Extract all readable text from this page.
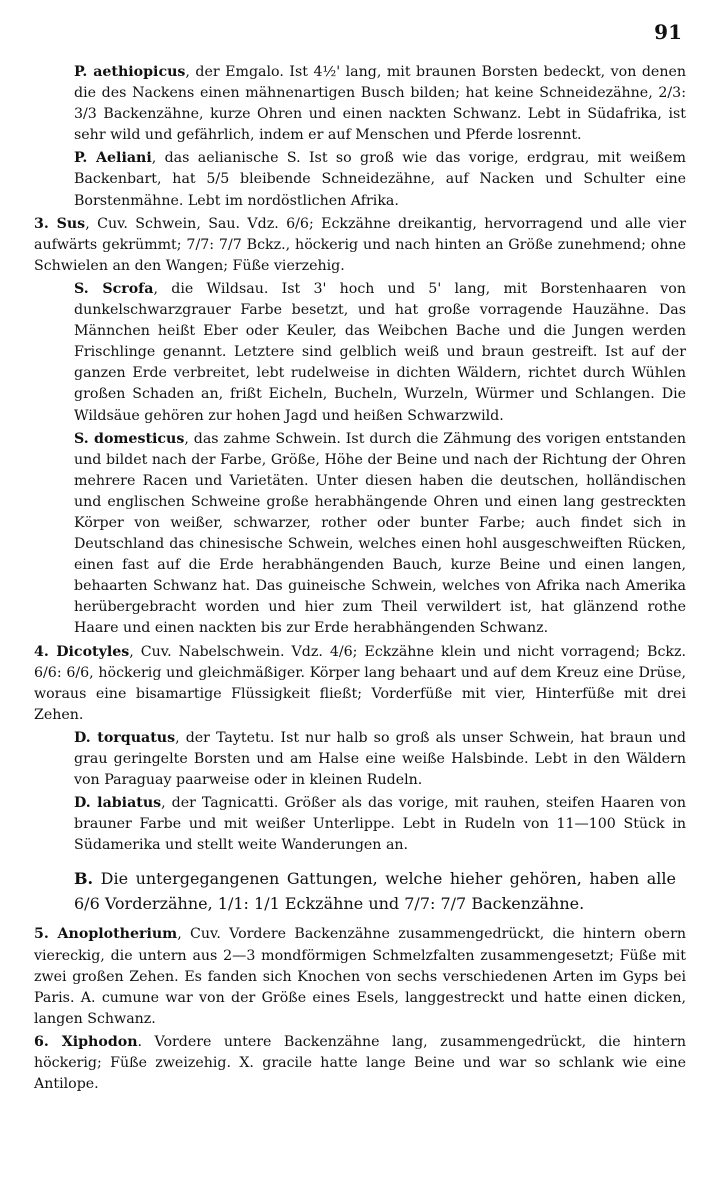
91

P. aethiopicus, der Emgalo. Ist 4½' lang, mit braunen Borsten bedeckt, von denen die des Nackens einen mähnenartigen Busch bilden; hat keine Schneidezähne, 2/3: 3/3 Backenzähne, kurze Ohren und einen nackten Schwanz. Lebt in Südafrika, ist sehr wild und gefährlich, indem er auf Menschen und Pferde losrennt.

P. Aeliani, das aelianische S. Ist so groß wie das vorige, erdgrau, mit weißem Backenbart, hat 5/5 bleibende Schneidezähne, auf Nacken und Schulter eine Borstenmähne. Lebt im nordöstlichen Afrika.

3. Sus, Cuv. Schwein, Sau. Vdz. 6/6; Eckzähne dreikantig, hervorragend und alle vier aufwärts gekrümmt; 7/7: 7/7 Bckz., höckerig und nach hinten an Größe zunehmend; ohne Schwielen an den Wangen; Füße vierzehig.

S. Scrofa, die Wildsau. Ist 3' hoch und 5' lang, mit Borstenhaaren von dunkelschwarzgrauer Farbe besetzt, und hat große vorragende Hauzähne. Das Männchen heißt Eber oder Keuler, das Weibchen Bache und die Jungen werden Frischlinge genannt. Letztere sind gelblich weiß und braun gestreift. Ist auf der ganzen Erde verbreitet, lebt rudelweise in dichten Wäldern, richtet durch Wühlen großen Schaden an, frißt Eicheln, Bucheln, Wurzeln, Würmer und Schlangen. Die Wildsäue gehören zur hohen Jagd und heißen Schwarzwild.

S. domesticus, das zahme Schwein. Ist durch die Zähmung des vorigen entstanden und bildet nach der Farbe, Größe, Höhe der Beine und nach der Richtung der Ohren mehrere Racen und Varietäten. Unter diesen haben die deutschen, holländischen und englischen Schweine große herabhängende Ohren und einen lang gestreckten Körper von weißer, schwarzer, rother oder bunter Farbe; auch findet sich in Deutschland das chinesische Schwein, welches einen hohl ausgeschweiften Rücken, einen fast auf die Erde herabhängenden Bauch, kurze Beine und einen langen, behaarten Schwanz hat. Das guineische Schwein, welches von Afrika nach Amerika herübergebracht worden und hier zum Theil verwildert ist, hat glänzend rothe Haare und einen nackten bis zur Erde herabhängenden Schwanz.

4. Dicotyles, Cuv. Nabelschwein. Vdz. 4/6; Eckzähne klein und nicht vorragend; Bckz. 6/6: 6/6, höckerig und gleichmäßiger. Körper lang behaart und auf dem Kreuz eine Drüse, woraus eine bisamartige Flüssigkeit fließt; Vorderfüße mit vier, Hinterfüße mit drei Zehen.

D. torquatus, der Taytetu. Ist nur halb so groß als unser Schwein, hat braun und grau geringelte Borsten und am Halse eine weiße Halsbinde. Lebt in den Wäldern von Paraguay paarweise oder in kleinen Rudeln.

D. labiatus, der Tagnicatti. Größer als das vorige, mit rauhen, steifen Haaren von brauner Farbe und mit weißer Unterlippe. Lebt in Rudeln von 11—100 Stück in Südamerika und stellt weite Wanderungen an.

B. Die untergegangenen Gattungen, welche hieher gehören, haben alle 6/6 Vorderzähne, 1/1: 1/1 Eckzähne und 7/7: 7/7 Backenzähne.

5. Anoplotherium, Cuv. Vordere Backenzähne zusammengedrückt, die hintern obern viereckig, die untern aus 2—3 mondförmigen Schmelzfalten zusammengesetzt; Füße mit zwei großen Zehen. Es fanden sich Knochen von sechs verschiedenen Arten im Gyps bei Paris. A. cumune war von der Größe eines Esels, langgestreckt und hatte einen dicken, langen Schwanz.

6. Xiphodon. Vordere untere Backenzähne lang, zusammengedrückt, die hintern höckerig; Füße zweizehig. X. gracile hatte lange Beine und war so schlank wie eine Antilope.
